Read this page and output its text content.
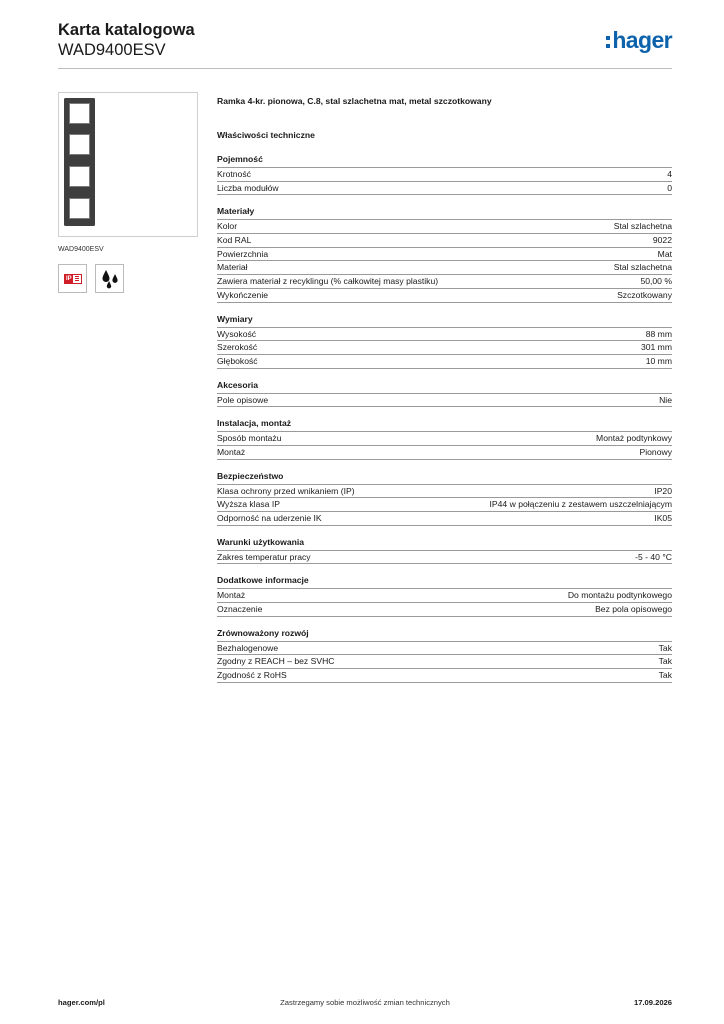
Karta katalogowa
WAD9400ESV	hager
WAD9400ESV
IP
Ramka 4-kr. pionowa, C.8, stal szlachetna mat, metal szczotkowany
Właściwości techniczne
Pojemność
Krotność	4
Liczba modułów	0
Materiały
Kolor	Stal szlachetna
Kod RAL	9022
Powierzchnia	Mat
Materiał	Stal szlachetna
Zawiera materiał z recyklingu (% całkowitej masy plastiku)	50,00 %
Wykończenie	Szczotkowany
Wymiary
Wysokość	88 mm
Szerokość	301 mm
Głębokość	10 mm
Akcesoria
Pole opisowe	Nie
Instalacja, montaż
Sposób montażu	Montaż podtynkowy
Montaż	Pionowy
Bezpieczeństwo
Klasa ochrony przed wnikaniem (IP)	IP20
Wyższa klasa IP	IP44 w połączeniu z zestawem uszczelniającym
Odporność na uderzenie IK	IK05
Warunki użytkowania
Zakres temperatur pracy	-5 - 40 °C
Dodatkowe informacje
Montaż	Do montażu podtynkowego
Oznaczenie	Bez pola opisowego
Zrównoważony rozwój
Bezhalogenowe	Tak
Zgodny z REACH – bez SVHC	Tak
Zgodność z RoHS	Tak
Zastrzegamy sobie możliwość zmian technicznych
hager.com/pl	17.09.2026
